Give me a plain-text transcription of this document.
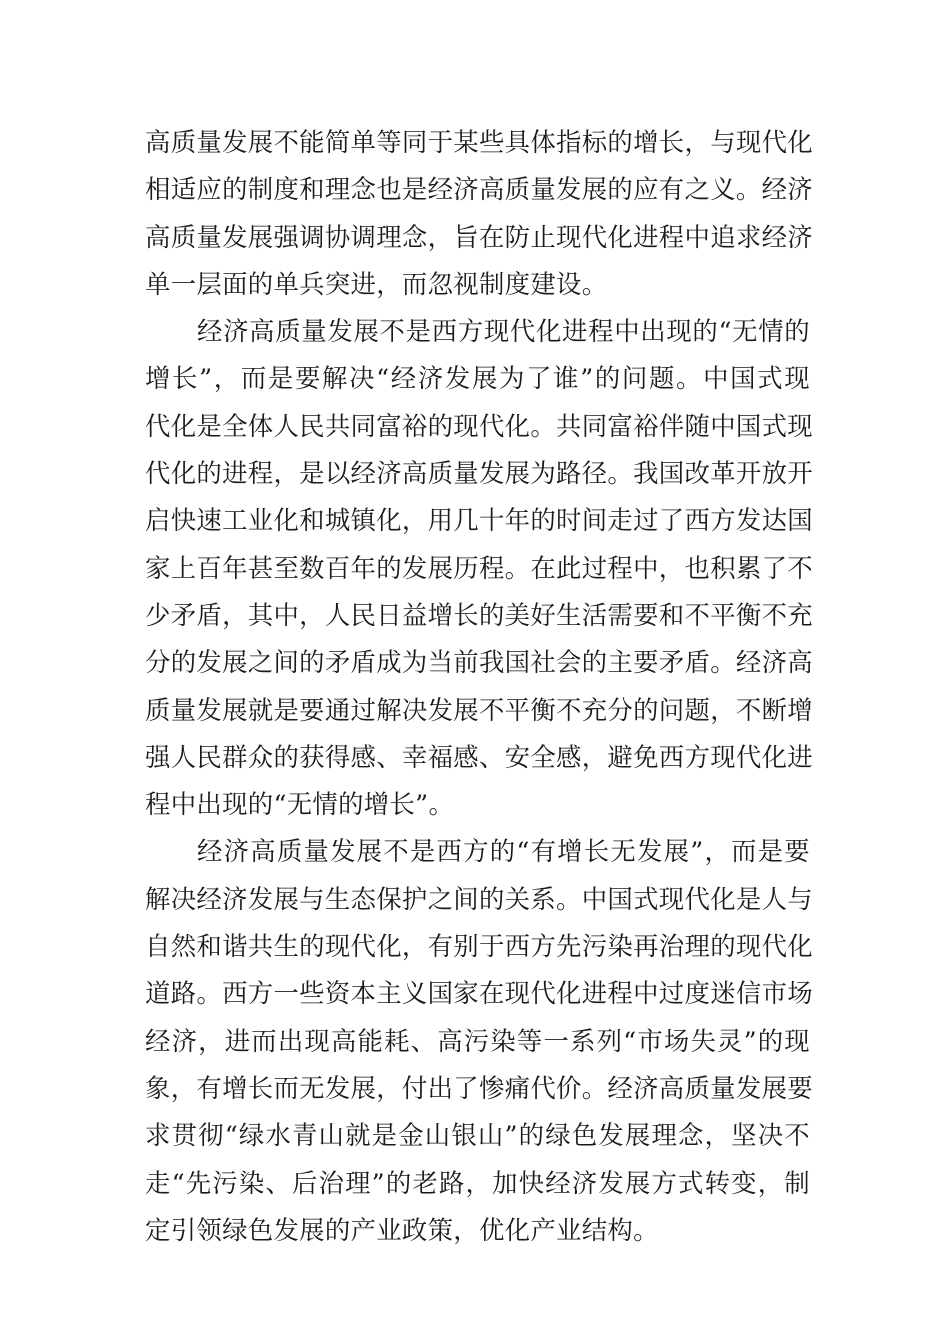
高质量发展不能简单等同于某些具体指标的增长，与现代化
相适应的制度和理念也是经济高质量发展的应有之义。经济
高质量发展强调协调理念，旨在防止现代化进程中追求经济
单一层面的单兵突进，而忽视制度建设。
经济高质量发展不是西方现代化进程中出现的“无情的
增长”，而是要解决“经济发展为了谁”的问题。中国式现
代化是全体人民共同富裕的现代化。共同富裕伴随中国式现
代化的进程，是以经济高质量发展为路径。我国改革开放开
启快速工业化和城镇化，用几十年的时间走过了西方发达国
家上百年甚至数百年的发展历程。在此过程中，也积累了不
少矛盾，其中，人民日益增长的美好生活需要和不平衡不充
分的发展之间的矛盾成为当前我国社会的主要矛盾。经济高
质量发展就是要通过解决发展不平衡不充分的问题，不断增
强人民群众的获得感、幸福感、安全感，避免西方现代化进
程中出现的“无情的增长”。
经济高质量发展不是西方的“有增长无发展”，而是要
解决经济发展与生态保护之间的关系。中国式现代化是人与
自然和谐共生的现代化，有别于西方先污染再治理的现代化
道路。西方一些资本主义国家在现代化进程中过度迷信市场
经济，进而出现高能耗、高污染等一系列“市场失灵”的现
象，有增长而无发展，付出了惨痛代价。经济高质量发展要
求贯彻“绿水青山就是金山银山”的绿色发展理念，坚决不
走“先污染、后治理”的老路，加快经济发展方式转变，制
定引领绿色发展的产业政策，优化产业结构。
